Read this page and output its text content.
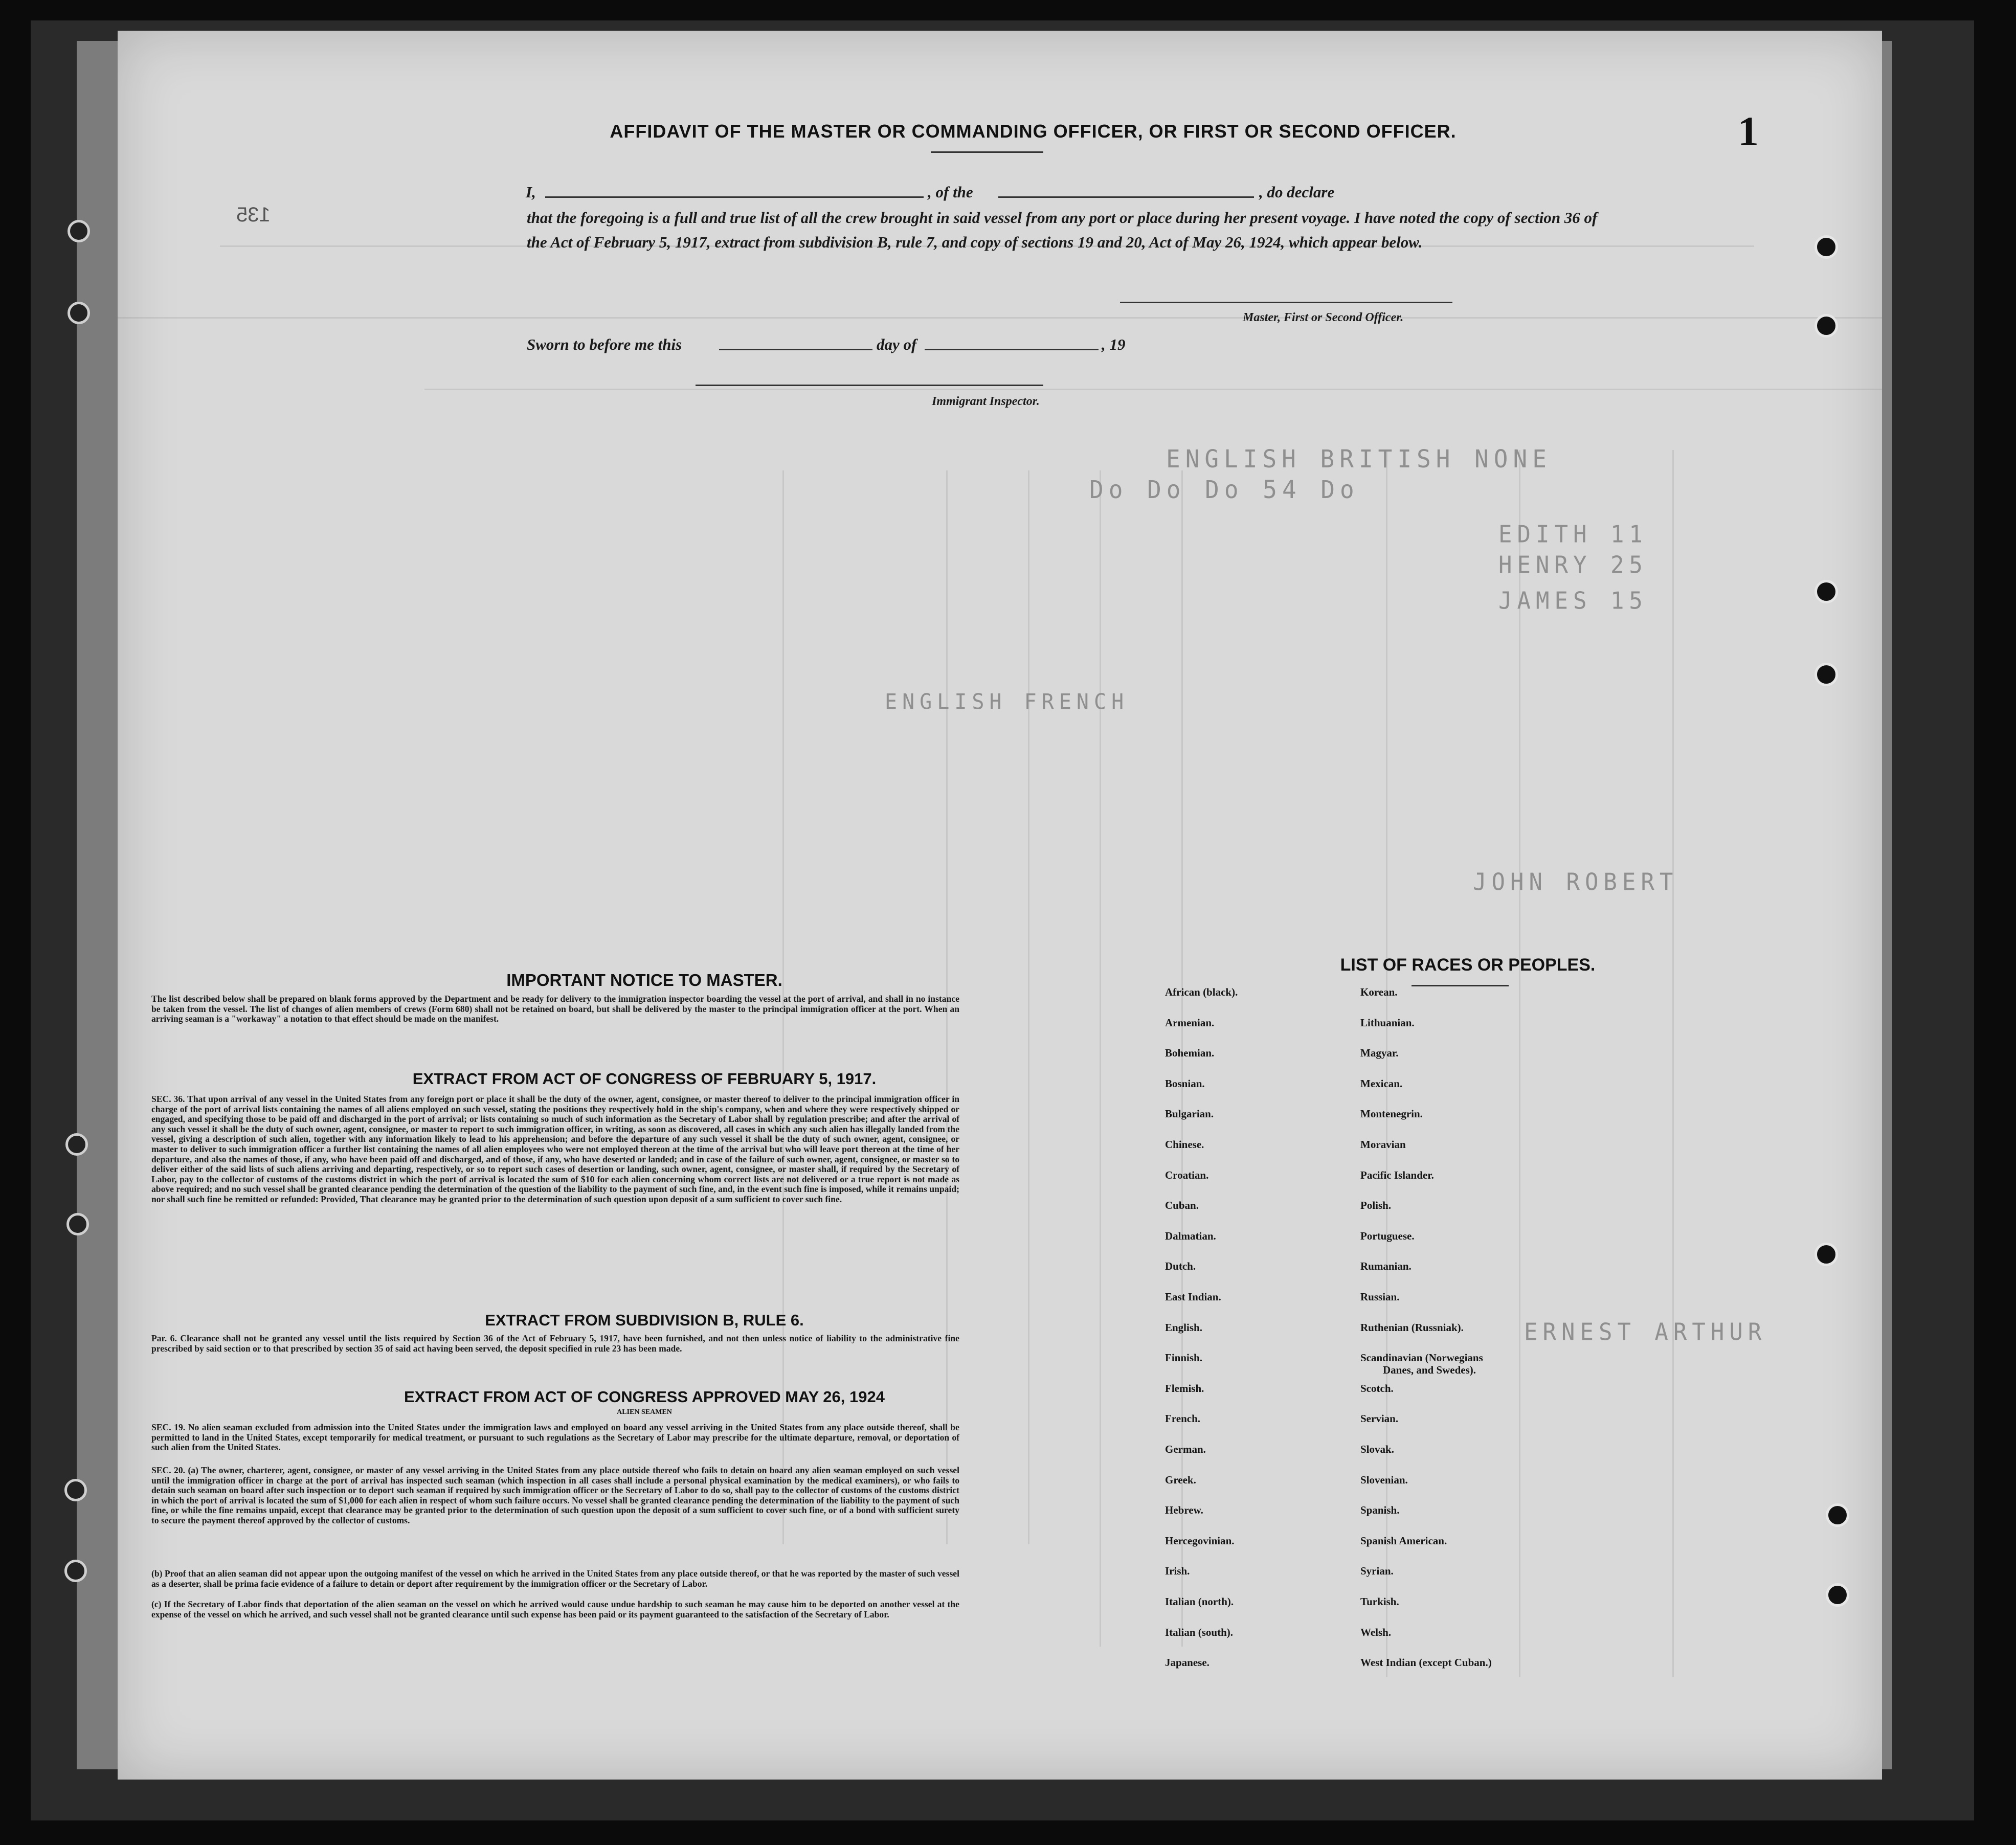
ENGLISH BRITISH NONE
Do Do Do 54 Do
EDITH 11
HENRY 25
JAMES 15
ENGLISH FRENCH
JOHN ROBERT
ERNEST ARTHUR
1
135
AFFIDAVIT OF THE MASTER OR COMMANDING OFFICER, OR FIRST OR SECOND OFFICER.
I,	, of the	, do declare
that the foregoing is a full and true list of all the crew brought in said vessel from any port or place during her present voyage. I have noted the copy of section 36 of the Act of February 5, 1917, extract from subdivision B, rule 7, and copy of sections 19 and 20, Act of May 26, 1924, which appear below.
Master, First or Second Officer.
Sworn to before me this	day of	, 19
Immigrant Inspector.
IMPORTANT NOTICE TO MASTER.
The list described below shall be prepared on blank forms approved by the Department and be ready for delivery to the immigration inspector boarding the vessel at the port of arrival, and shall in no instance be taken from the vessel. The list of changes of alien members of crews (Form 680) shall not be retained on board, but shall be delivered by the master to the principal immigration officer at the port. When an arriving seaman is a "workaway" a notation to that effect should be made on the manifest.
EXTRACT FROM ACT OF CONGRESS OF FEBRUARY 5, 1917.
SEC. 36. That upon arrival of any vessel in the United States from any foreign port or place it shall be the duty of the owner, agent, consignee, or master thereof to deliver to the principal immigration officer in charge of the port of arrival lists containing the names of all aliens employed on such vessel, stating the positions they respectively hold in the ship's company, when and where they were respectively shipped or engaged, and specifying those to be paid off and discharged in the port of arrival; or lists containing so much of such information as the Secretary of Labor shall by regulation prescribe; and after the arrival of any such vessel it shall be the duty of such owner, agent, consignee, or master to report to such immigration officer, in writing, as soon as discovered, all cases in which any such alien has illegally landed from the vessel, giving a description of such alien, together with any information likely to lead to his apprehension; and before the departure of any such vessel it shall be the duty of such owner, agent, consignee, or master to deliver to such immigration officer a further list containing the names of all alien employees who were not employed thereon at the time of the arrival but who will leave port thereon at the time of her departure, and also the names of those, if any, who have been paid off and discharged, and of those, if any, who have deserted or landed; and in case of the failure of such owner, agent, consignee, or master so to deliver either of the said lists of such aliens arriving and departing, respectively, or so to report such cases of desertion or landing, such owner, agent, consignee, or master shall, if required by the Secretary of Labor, pay to the collector of customs of the customs district in which the port of arrival is located the sum of $10 for each alien concerning whom correct lists are not delivered or a true report is not made as above required; and no such vessel shall be granted clearance pending the determination of the question of the liability to the payment of such fine, and, in the event such fine is imposed, while it remains unpaid; nor shall such fine be remitted or refunded: Provided, That clearance may be granted prior to the determination of such question upon deposit of a sum sufficient to cover such fine.
EXTRACT FROM SUBDIVISION B, RULE 6.
Par. 6. Clearance shall not be granted any vessel until the lists required by Section 36 of the Act of February 5, 1917, have been furnished, and not then unless notice of liability to the administrative fine prescribed by said section or to that prescribed by section 35 of said act having been served, the deposit specified in rule 23 has been made.
EXTRACT FROM ACT OF CONGRESS APPROVED MAY 26, 1924
ALIEN SEAMEN
SEC. 19. No alien seaman excluded from admission into the United States under the immigration laws and employed on board any vessel arriving in the United States from any place outside thereof, shall be permitted to land in the United States, except temporarily for medical treatment, or pursuant to such regulations as the Secretary of Labor may prescribe for the ultimate departure, removal, or deportation of such alien from the United States.
SEC. 20. (a) The owner, charterer, agent, consignee, or master of any vessel arriving in the United States from any place outside thereof who fails to detain on board any alien seaman employed on such vessel until the immigration officer in charge at the port of arrival has inspected such seaman (which inspection in all cases shall include a personal physical examination by the medical examiners), or who fails to detain such seaman on board after such inspection or to deport such seaman if required by such immigration officer or the Secretary of Labor to do so, shall pay to the collector of customs of the customs district in which the port of arrival is located the sum of $1,000 for each alien in respect of whom such failure occurs. No vessel shall be granted clearance pending the determination of the liability to the payment of such fine, or while the fine remains unpaid, except that clearance may be granted prior to the determination of such question upon the deposit of a sum sufficient to cover such fine, or of a bond with sufficient surety to secure the payment thereof approved by the collector of customs.
(b) Proof that an alien seaman did not appear upon the outgoing manifest of the vessel on which he arrived in the United States from any place outside thereof, or that he was reported by the master of such vessel as a deserter, shall be prima facie evidence of a failure to detain or deport after requirement by the immigration officer or the Secretary of Labor.
(c) If the Secretary of Labor finds that deportation of the alien seaman on the vessel on which he arrived would cause undue hardship to such seaman he may cause him to be deported on another vessel at the expense of the vessel on which he arrived, and such vessel shall not be granted clearance until such expense has been paid or its payment guaranteed to the satisfaction of the Secretary of Labor.
LIST OF RACES OR PEOPLES.
African (black).
Armenian.
Bohemian.
Bosnian.
Bulgarian.
Chinese.
Croatian.
Cuban.
Dalmatian.
Dutch.
East Indian.
English.
Finnish.
Flemish.
French.
German.
Greek.
Hebrew.
Hercegovinian.
Irish.
Italian (north).
Italian (south).
Japanese.
Korean.
Lithuanian.
Magyar.
Mexican.
Montenegrin.
Moravian
Pacific Islander.
Polish.
Portuguese.
Rumanian.
Russian.
Ruthenian (Russniak).
Scandinavian (Norwegians
Danes, and Swedes).
Scotch.
Servian.
Slovak.
Slovenian.
Spanish.
Spanish American.
Syrian.
Turkish.
Welsh.
West Indian (except Cuban.)
